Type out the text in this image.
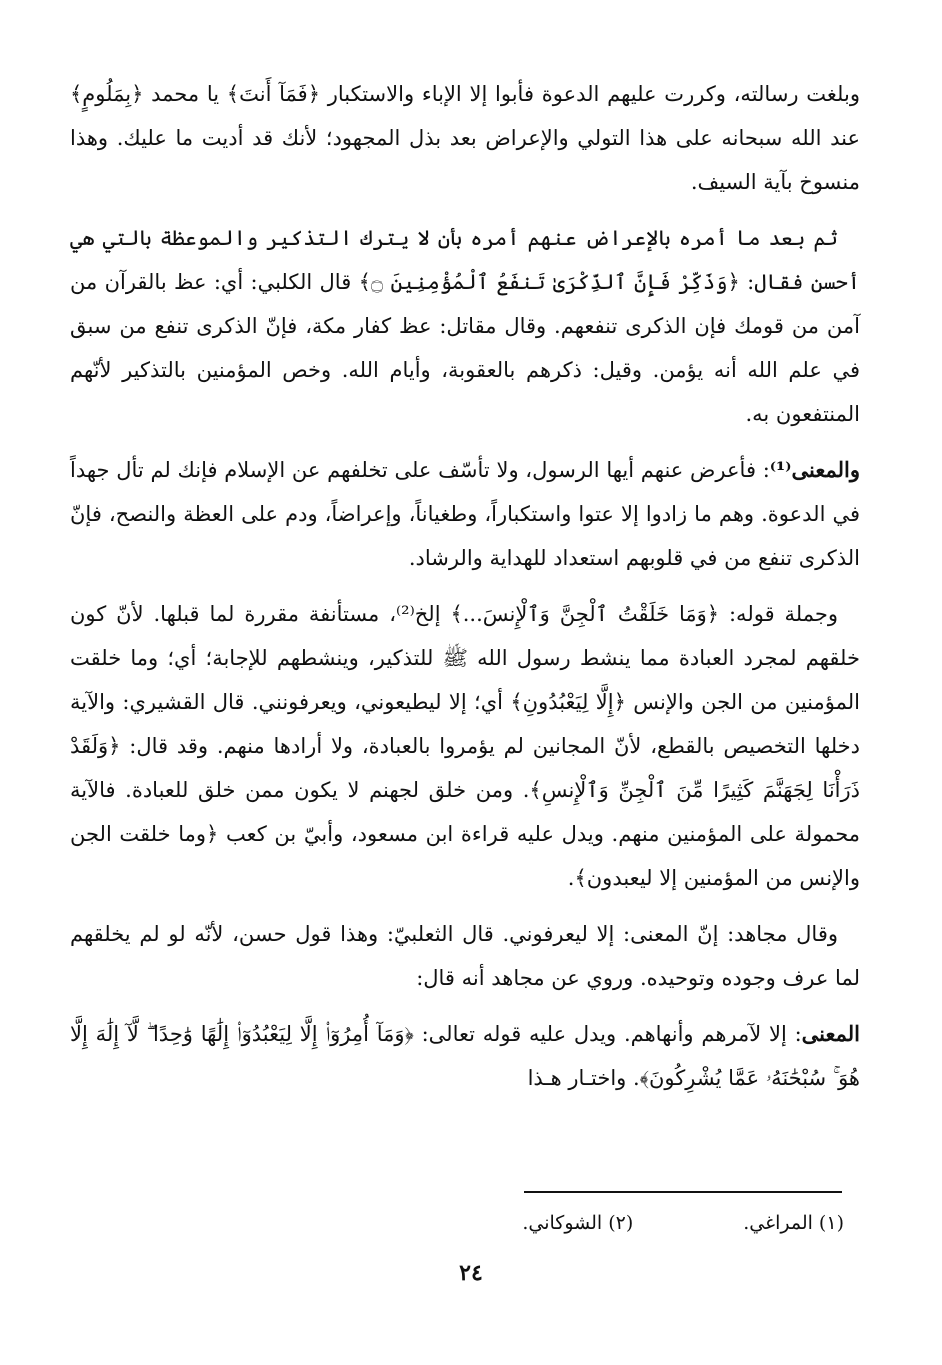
وبلغت رسالته، وكررت عليهم الدعوة فأبوا إلا الإباء والاستكبار ﴿فَمَآ أَنتَ﴾ يا محمد ﴿بِمَلُومٍ﴾ عند الله سبحانه على هذا التولي والإعراض بعد بذل المجهود؛ لأنك قد أديت ما عليك. وهذا منسوخ بآية السيف.

ثم بعد ما أمره بالإعراض عنهم أمره بأن لا يترك التذكير والموعظة بالتي هي أحسن فقال: ﴿وَذَكِّرْ فَإِنَّ ٱلذِّكْرَىٰ تَنفَعُ ٱلْمُؤْمِنِينَ ۝﴾ قال الكلبي: أي: عظ بالقرآن من آمن من قومك فإن الذكرى تنفعهم. وقال مقاتل: عظ كفار مكة، فإنّ الذكرى تنفع من سبق في علم الله أنه يؤمن. وقيل: ذكرهم بالعقوبة، وأيام الله. وخص المؤمنين بالتذكير لأنّهم المنتفعون به.

والمعنى⁽¹⁾: فأعرض عنهم أيها الرسول، ولا تأسّف على تخلفهم عن الإسلام فإنك لم تأل جهداً في الدعوة. وهم ما زادوا إلا عتوا واستكباراً، وطغياناً، وإعراضاً، ودم على العظة والنصح، فإنّ الذكرى تنفع من في قلوبهم استعداد للهداية والرشاد.

وجملة قوله: ﴿وَمَا خَلَقْتُ ٱلْجِنَّ وَٱلْإِنسَ...﴾ إلخ⁽²⁾، مستأنفة مقررة لما قبلها. لأنّ كون خلقهم لمجرد العبادة مما ينشط رسول الله ﷺ للتذكير، وينشطهم للإجابة؛ أي؛ وما خلقت المؤمنين من الجن والإنس ﴿إِلَّا لِيَعْبُدُونِ﴾ أي؛ إلا ليطيعوني، ويعرفونني. قال القشيري: والآية دخلها التخصيص بالقطع، لأنّ المجانين لم يؤمروا بالعبادة، ولا أرادها منهم. وقد قال: ﴿وَلَقَدْ ذَرَأْنَا لِجَهَنَّمَ كَثِيرًا مِّنَ ٱلْجِنِّ وَٱلْإِنسِ﴾. ومن خلق لجهنم لا يكون ممن خلق للعبادة. فالآية محمولة على المؤمنين منهم. ويدل عليه قراءة ابن مسعود، وأبيّ بن كعب ﴿وما خلقت الجن والإنس من المؤمنين إلا ليعبدون﴾.

وقال مجاهد: إنّ المعنى: إلا ليعرفوني. قال الثعلبيّ: وهذا قول حسن، لأنّه لو لم يخلقهم لما عرف وجوده وتوحيده. وروي عن مجاهد أنه قال:

المعنى: إلا لآمرهم وأنهاهم. ويدل عليه قوله تعالى: ﴿وَمَآ أُمِرُوٓا۟ إِلَّا لِيَعْبُدُوٓا۟ إِلَٰهًا وَٰحِدًا ۖ لَّآ إِلَٰهَ إِلَّا هُوَ ۚ سُبْحَٰنَهُۥ عَمَّا يُشْرِكُونَ﴾. واختـار هـذا

(١) المراغي.
(٢) الشوكاني.
٢٤
